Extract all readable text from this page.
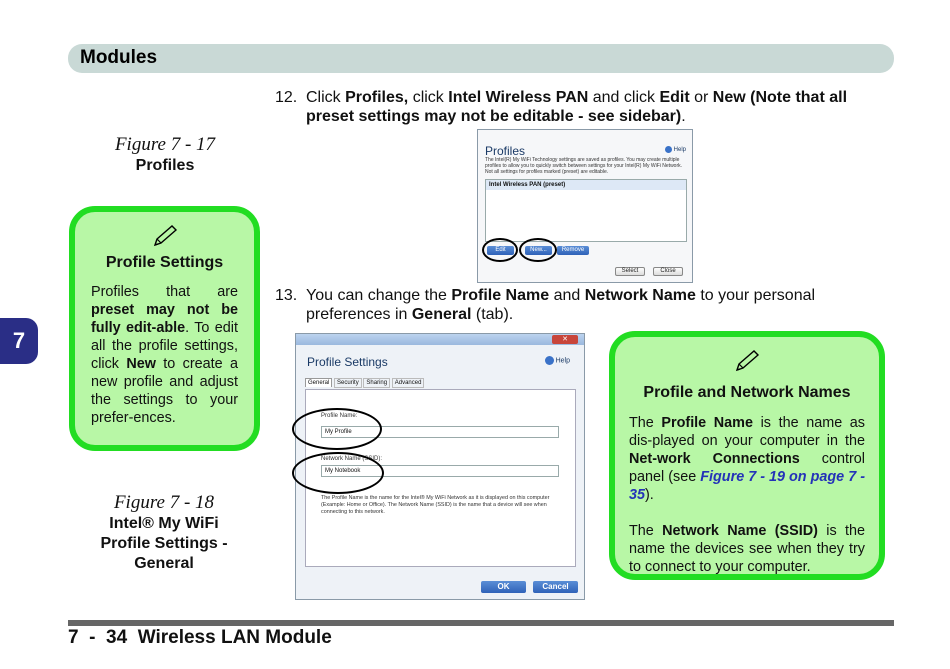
Modules
7
Figure 7 - 17
Profiles
Profile Settings

Profiles that are preset may not be fully edit-able. To edit all the profile settings, click New to create a new profile and adjust the settings to your prefer-ences.

Figure 7 - 18
Intel® My WiFi
Profile Settings -
General
12. Click Profiles, click Intel Wireless PAN and click Edit or New (Note that all preset settings may not be editable - see sidebar).
Profiles	Help
The Intel(R) My WiFi Technology settings are saved as profiles. You may create multiple profiles to allow you to quickly switch between settings for your Intel(R) My WiFi Network. Not all settings for profiles marked (preset) are editable.
Intel Wireless PAN (preset)
Edit	New...	Remove
Select	Close
13. You can change the Profile Name and Network Name to your personal preferences in General (tab).
✕
Profile Settings	Help
General Security Sharing Advanced
Profile Name:
My Profile
Network Name (SSID):
My Notebook
The Profile Name is the name for the Intel® My WiFi Network as it is displayed on this computer (Example: Home or Office). The Network Name (SSID) is the name that a device will see when connecting to this network.
OK	Cancel
Profile and Network Names

The Profile Name is the name as dis-played on your computer in the Net-work Connections control panel (see Figure 7 - 19 on page 7 - 35).

The Network Name (SSID) is the name the devices see when they try to connect to your computer.

7  -  34  Wireless LAN Module
